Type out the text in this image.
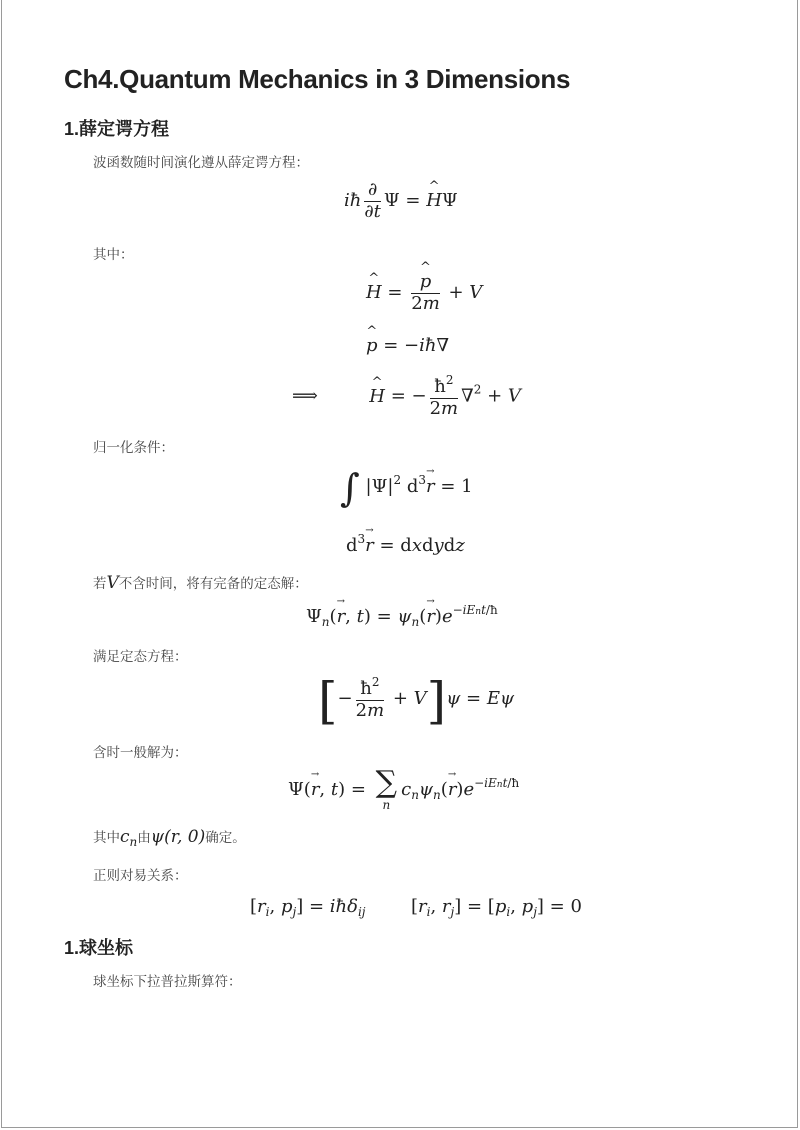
Ch4.Quantum Mechanics in 3 Dimensions
1.薛定谔方程
波函数随时间演化遵从薛定谔方程：
iħ $\frac{\partial}{\partial t}$ Ψ = ^ HΨ
其中：
^ H = ^ $\frac{p}{2m} + V$
^ p = −iħ∇
⟹	^ H = − $\frac{ħ^2}{2m} \nabla^2 + V$
归一化条件：
∫ $|\Psi|^2$ $d^3\to r = 1$
$d^3\to r$ = dxdydz
若V不含时间，将有完备的定态解：
$\Psi_n(\to r$, $t) = \psi_n(\to r)e^{-iEnt/ħ}$
满足定态方程：
[− $\frac{ħ^2}{2m} + V]\psi = E\psi$
含时一般解为：
Ψ(→ r, t) = ∑
n
$c_n\psi_n(\to r)e^{-iEnt/ħ}$
其中$c_n$由ψ(r, 0)确定。
正则对易关系：
[$r_i$, $p_j$] = iħδ$_{ij}$  [$r_i$, $r_j] = [p_i$, $p_j] = 0$
1.球坐标
球坐标下拉普拉斯算符：
